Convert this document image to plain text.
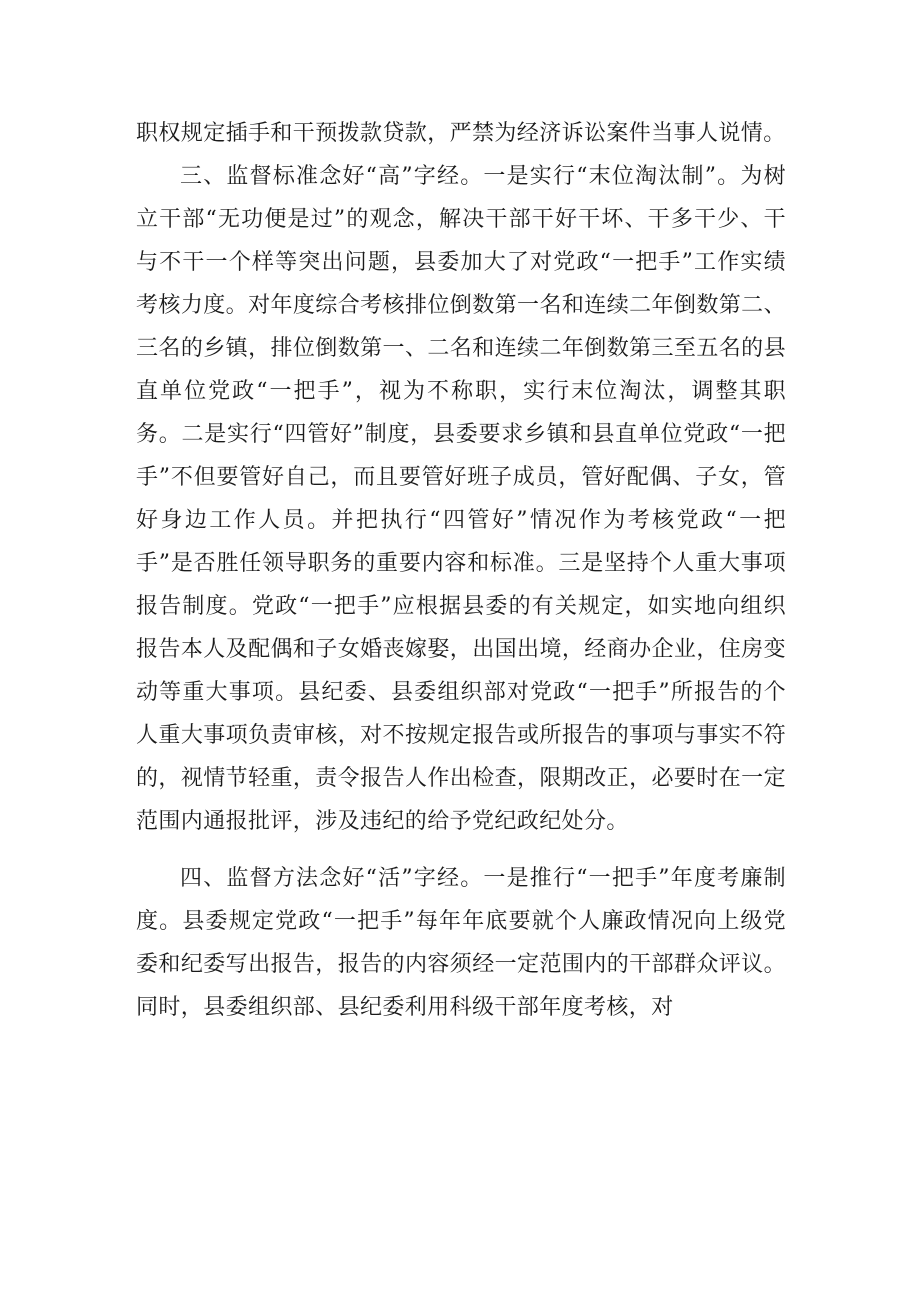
职权规定插手和干预拨款贷款，严禁为经济诉讼案件当事人说情。

三、监督标准念好“高”字经。一是实行“末位淘汰制”。为树立干部“无功便是过”的观念，解决干部干好干坏、干多干少、干与不干一个样等突出问题，县委加大了对党政“一把手”工作实绩考核力度。对年度综合考核排位倒数第一名和连续二年倒数第二、三名的乡镇，排位倒数第一、二名和连续二年倒数第三至五名的县直单位党政“一把手”，视为不称职，实行末位淘汰，调整其职务。二是实行“四管好”制度，县委要求乡镇和县直单位党政“一把手”不但要管好自己，而且要管好班子成员，管好配偶、子女，管好身边工作人员。并把执行“四管好”情况作为考核党政“一把手”是否胜任领导职务的重要内容和标准。三是坚持个人重大事项报告制度。党政“一把手”应根据县委的有关规定，如实地向组织报告本人及配偶和子女婚丧嫁娶，出国出境，经商办企业，住房变动等重大事项。县纪委、县委组织部对党政“一把手”所报告的个人重大事项负责审核，对不按规定报告或所报告的事项与事实不符的，视情节轻重，责令报告人作出检查，限期改正，必要时在一定范围内通报批评，涉及违纪的给予党纪政纪处分。

四、监督方法念好“活”字经。一是推行“一把手”年度考廉制度。县委规定党政“一把手”每年年底要就个人廉政情况向上级党委和纪委写出报告，报告的内容须经一定范围内的干部群众评议。同时，县委组织部、县纪委利用科级干部年度考核，对
